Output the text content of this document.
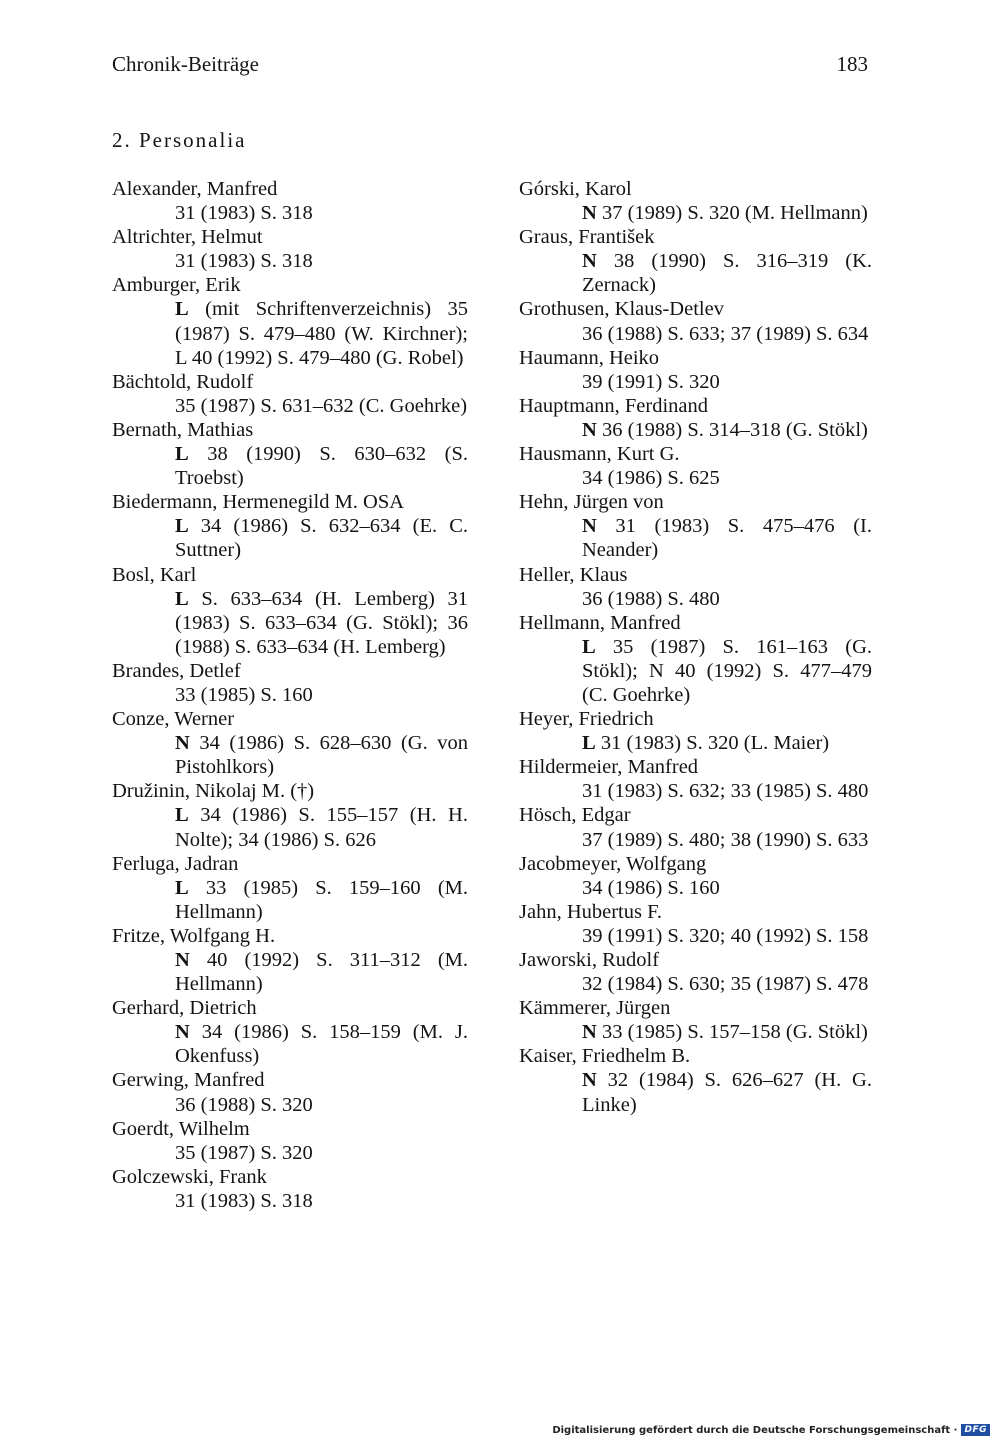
Chronik-Beiträge	183
2. Personalia
Alexander, Manfred
31 (1983) S. 318
Altrichter, Helmut
31 (1983) S. 318
Amburger, Erik
L (mit Schriftenverzeichnis) 35 (1987) S. 479–480 (W. Kirchner); L 40 (1992) S. 479–480 (G. Robel)
Bächtold, Rudolf
35 (1987) S. 631–632 (C. Goehrke)
Bernath, Mathias
L 38 (1990) S. 630–632 (S. Troebst)
Biedermann, Hermenegild M. OSA
L 34 (1986) S. 632–634 (E. C. Suttner)
Bosl, Karl
L S. 633–634 (H. Lemberg) 31 (1983) S. 633–634 (G. Stökl); 36 (1988) S. 633–634 (H. Lemberg)
Brandes, Detlef
33 (1985) S. 160
Conze, Werner
N 34 (1986) S. 628–630 (G. von Pistohlkors)
Družinin, Nikolaj M. (†)
L 34 (1986) S. 155–157 (H. H. Nolte); 34 (1986) S. 626
Ferluga, Jadran
L 33 (1985) S. 159–160 (M. Hellmann)
Fritze, Wolfgang H.
N 40 (1992) S. 311–312 (M. Hellmann)
Gerhard, Dietrich
N 34 (1986) S. 158–159 (M. J. Okenfuss)
Gerwing, Manfred
36 (1988) S. 320
Goerdt, Wilhelm
35 (1987) S. 320
Golczewski, Frank
31 (1983) S. 318
Górski, Karol
N 37 (1989) S. 320 (M. Hellmann)
Graus, František
N 38 (1990) S. 316–319 (K. Zernack)
Grothusen, Klaus-Detlev
36 (1988) S. 633; 37 (1989) S. 634
Haumann, Heiko
39 (1991) S. 320
Hauptmann, Ferdinand
N 36 (1988) S. 314–318 (G. Stökl)
Hausmann, Kurt G.
34 (1986) S. 625
Hehn, Jürgen von
N 31 (1983) S. 475–476 (I. Neander)
Heller, Klaus
36 (1988) S. 480
Hellmann, Manfred
L 35 (1987) S. 161–163 (G. Stökl); N 40 (1992) S. 477–479 (C. Goehrke)
Heyer, Friedrich
L 31 (1983) S. 320 (L. Maier)
Hildermeier, Manfred
31 (1983) S. 632; 33 (1985) S. 480
Hösch, Edgar
37 (1989) S. 480; 38 (1990) S. 633
Jacobmeyer, Wolfgang
34 (1986) S. 160
Jahn, Hubertus F.
39 (1991) S. 320; 40 (1992) S. 158
Jaworski, Rudolf
32 (1984) S. 630; 35 (1987) S. 478
Kämmerer, Jürgen
N 33 (1985) S. 157–158 (G. Stökl)
Kaiser, Friedhelm B.
N 32 (1984) S. 626–627 (H. G. Linke)
Digitalisierung gefördert durch die Deutsche Forschungsgemeinschaft · DFG
